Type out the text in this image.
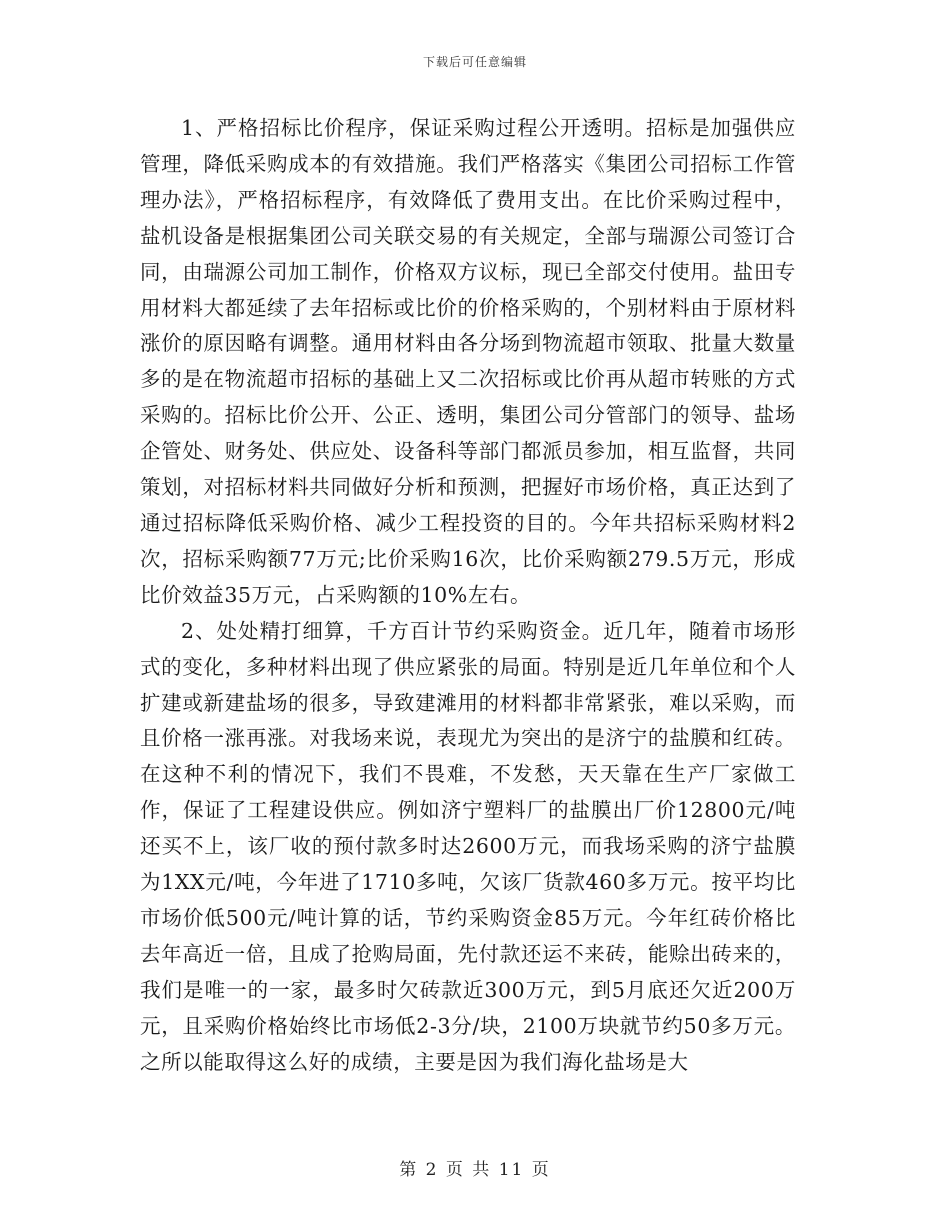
下载后可任意编辑

1、严格招标比价程序，保证采购过程公开透明。招标是加强供应管理，降低采购成本的有效措施。我们严格落实《集团公司招标工作管理办法》，严格招标程序，有效降低了费用支出。在比价采购过程中，盐机设备是根据集团公司关联交易的有关规定，全部与瑞源公司签订合同，由瑞源公司加工制作，价格双方议标，现已全部交付使用。盐田专用材料大都延续了去年招标或比价的价格采购的，个别材料由于原材料涨价的原因略有调整。通用材料由各分场到物流超市领取、批量大数量多的是在物流超市招标的基础上又二次招标或比价再从超市转账的方式采购的。招标比价公开、公正、透明，集团公司分管部门的领导、盐场企管处、财务处、供应处、设备科等部门都派员参加，相互监督，共同策划，对招标材料共同做好分析和预测，把握好市场价格，真正达到了通过招标降低采购价格、减少工程投资的目的。今年共招标采购材料2次，招标采购额77万元;比价采购16次，比价采购额279.5万元，形成比价效益35万元，占采购额的10%左右。

2、处处精打细算，千方百计节约采购资金。近几年，随着市场形式的变化，多种材料出现了供应紧张的局面。特别是近几年单位和个人扩建或新建盐场的很多，导致建滩用的材料都非常紧张，难以采购，而且价格一涨再涨。对我场来说，表现尤为突出的是济宁的盐膜和红砖。在这种不利的情况下，我们不畏难，不发愁，天天靠在生产厂家做工作，保证了工程建设供应。例如济宁塑料厂的盐膜出厂价12800元/吨还买不上，该厂收的预付款多时达2600万元，而我场采购的济宁盐膜为1XX元/吨，今年进了1710多吨，欠该厂货款460多万元。按平均比市场价低500元/吨计算的话，节约采购资金85万元。今年红砖价格比去年高近一倍，且成了抢购局面，先付款还运不来砖，能赊出砖来的，我们是唯一的一家，最多时欠砖款近300万元，到5月底还欠近200万元，且采购价格始终比市场低2-3分/块，2100万块就节约50多万元。之所以能取得这么好的成绩，主要是因为我们海化盐场是大

第 2 页 共 11 页
